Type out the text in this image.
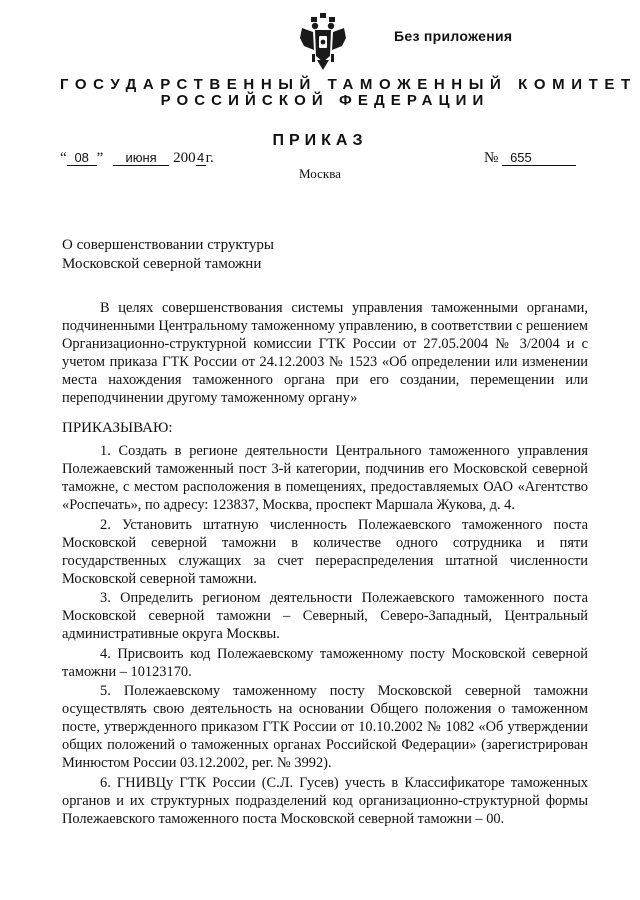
Без приложения
ГОСУДАРСТВЕННЫЙ ТАМОЖЕННЫЙ КОМИТЕТ
РОССИЙСКОЙ ФЕДЕРАЦИИ
ПРИКАЗ
“ 08 ” июня 2004г.	№ 655
Москва
О совершенствовании структуры
Московской северной таможни
В целях совершенствования системы управления таможенными органами, подчиненными Центральному таможенному управлению, в соответствии с решением Организационно-структурной комиссии ГТК России от 27.05.2004 № 3/2004 и с учетом приказа ГТК России от 24.12.2003 № 1523 «Об определении или изменении места нахождения таможенного органа при его создании, перемещении или переподчинении другому таможенному органу»
ПРИКАЗЫВАЮ:

1. Создать в регионе деятельности Центрального таможенного управления Полежаевский таможенный пост 3-й категории, подчинив его Московской северной таможне, с местом расположения в помещениях, предоставляемых ОАО «Агентство «Роспечать», по адресу: 123837, Москва, проспект Маршала Жукова, д. 4.

2. Установить штатную численность Полежаевского таможенного поста Московской северной таможни в количестве одного сотрудника и пяти государственных служащих за счет перераспределения штатной численности Московской северной таможни.

3. Определить регионом деятельности Полежаевского таможенного поста Московской северной таможни – Северный, Северо-Западный, Центральный административные округа Москвы.

4. Присвоить код Полежаевскому таможенному посту Московской северной таможни – 10123170.

5. Полежаевскому таможенному посту Московской северной таможни осуществлять свою деятельность на основании Общего положения о таможенном посте, утвержденного приказом ГТК России от 10.10.2002 № 1082 «Об утверждении общих положений о таможенных органах Российской Федерации» (зарегистрирован Минюстом России 03.12.2002, рег. № 3992).

6. ГНИВЦу ГТК России (С.Л. Гусев) учесть в Классификаторе таможенных органов и их структурных подразделений код организационно-структурной формы Полежаевского таможенного поста Московской северной таможни – 00.
